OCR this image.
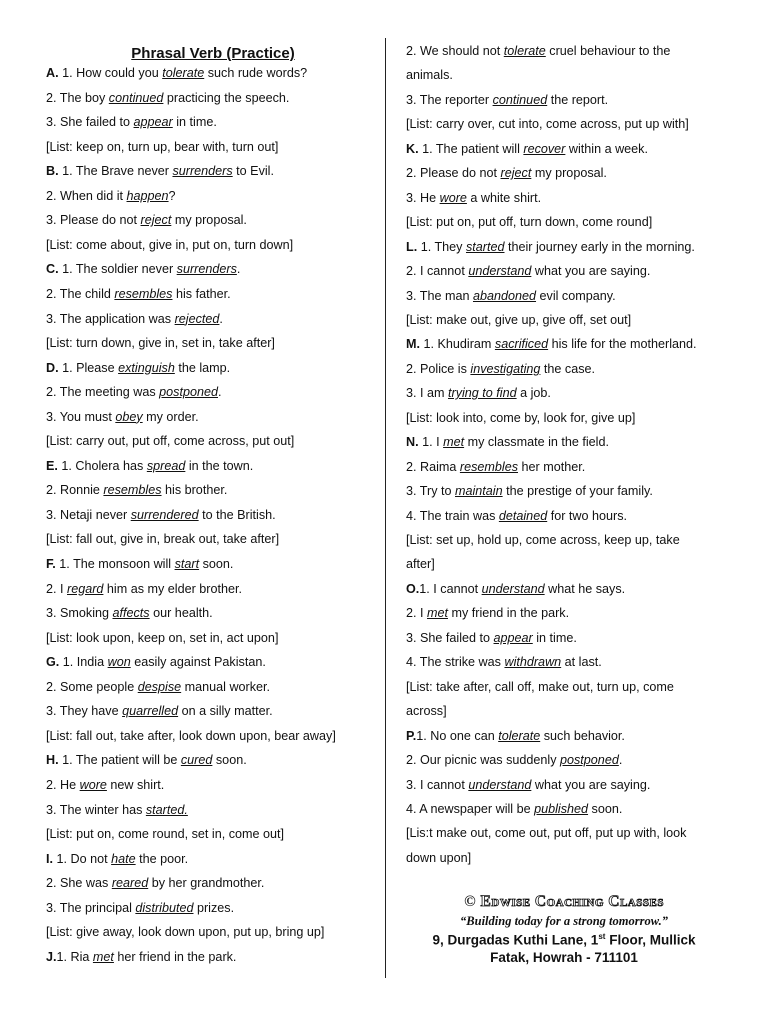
Phrasal Verb (Practice)
A. 1. How could you tolerate such rude words?
2. The boy continued practicing the speech.
3. She failed to appear in time.
[List: keep on, turn up, bear with, turn out]
B. 1. The Brave never surrenders to Evil.
2. When did it happen?
3. Please do not reject my proposal.
[List: come about, give in, put on, turn down]
C. 1. The soldier never surrenders.
2. The child resembles his father.
3. The application was rejected.
[List: turn down, give in, set in, take after]
D. 1. Please extinguish the lamp.
2. The meeting was postponed.
3. You must obey my order.
[List: carry out, put off, come across, put out]
E. 1. Cholera has spread in the town.
2. Ronnie resembles his brother.
3. Netaji never surrendered to the British.
[List: fall out, give in, break out, take after]
F. 1. The monsoon will start soon.
2. I regard him as my elder brother.
3. Smoking affects our health.
[List: look upon, keep on, set in, act upon]
G. 1. India won easily against Pakistan.
2. Some people despise manual worker.
3. They have quarrelled on a silly matter.
[List: fall out, take after, look down upon, bear away]
H. 1. The patient will be cured soon.
2. He wore new shirt.
3. The winter has started.
[List: put on, come round, set in, come out]
I. 1. Do not hate the poor.
2. She was reared by her grandmother.
3. The principal distributed prizes.
[List: give away, look down upon, put up, bring up]
J.1. Ria met her friend in the park.
2. We should not tolerate cruel behaviour to the
animals.
3. The reporter continued the report.
[List: carry over, cut into, come across, put up with]
K. 1. The patient will recover within a week.
2. Please do not reject my proposal.
3. He wore a white shirt.
[List: put on, put off, turn down, come round]
L. 1. They started their journey early in the morning.
2. I cannot understand what you are saying.
3. The man abandoned evil company.
[List: make out, give up, give off, set out]
M. 1. Khudiram sacrificed his life for the motherland.
2. Police is investigating the case.
3. I am trying to find a job.
[List: look into, come by, look for, give up]
N. 1. I met my classmate in the field.
2. Raima resembles her mother.
3. Try to maintain the prestige of your family.
4. The train was detained for two hours.
[List: set up, hold up, come across, keep up, take
after]
O.1. I cannot understand what he says.
2. I met my friend in the park.
3. She failed to appear in time.
4. The strike was withdrawn at last.
[List: take after, call off, make out, turn up, come
across]
P.1. No one can tolerate such behavior.
2. Our picnic was suddenly postponed.
3. I cannot understand what you are saying.
4. A newspaper will be published soon.
[Lis:t make out, come out, put off, put up with, look
down upon]
© Edwise Coaching Classes
“Building today for a strong tomorrow.”
9, Durgadas Kuthi Lane, 1st Floor, Mullick
Fatak, Howrah - 711101
